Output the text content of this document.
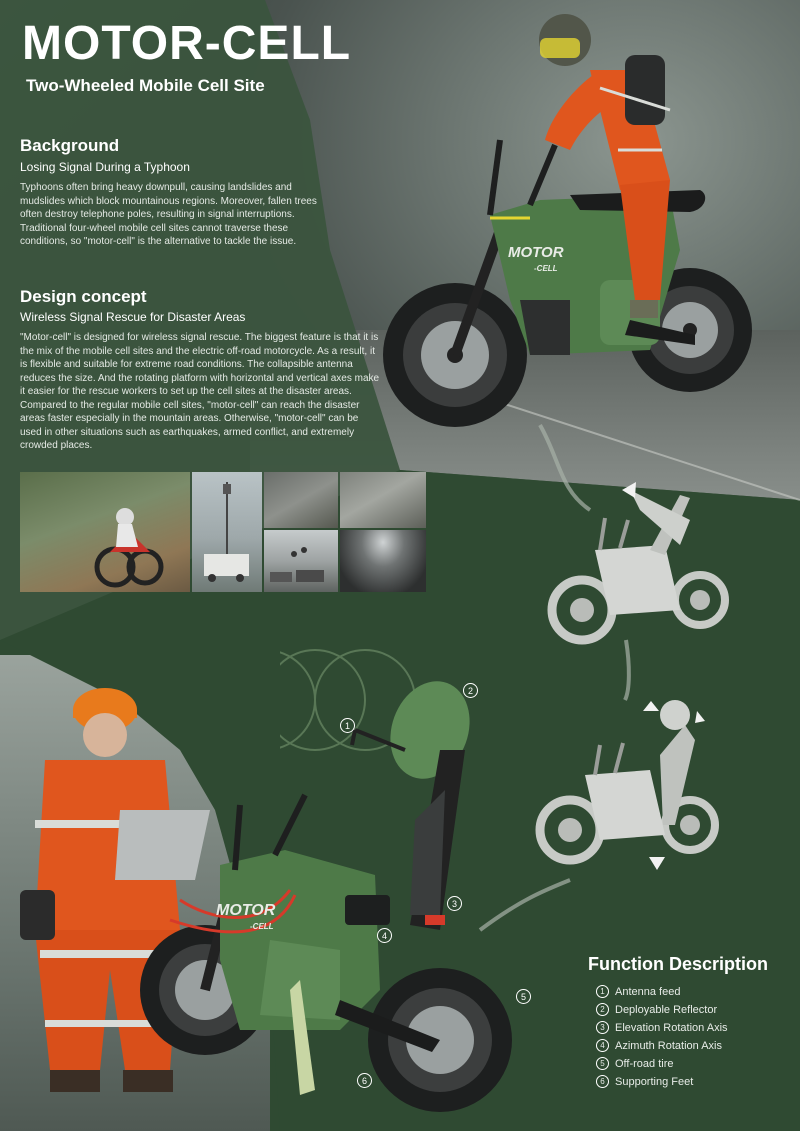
MOTOR
-CELL
MOTOR-CELL
Two-Wheeled Mobile Cell Site
Background
Losing Signal During a Typhoon
Typhoons often bring heavy downpull, causing landslides and mudslides which block mountainous regions. Moreover, fallen trees often destroy telephone poles, resulting in signal interruptions. Traditional four-wheel mobile cell sites cannot traverse these conditions, so "motor-cell" is the alternative to tackle the issue.
Design concept
Wireless Signal Rescue for Disaster Areas
"Motor-cell" is designed for wireless signal rescue. The biggest feature is that it is the mix of the mobile cell sites and the electric off-road motorcycle. As a result, it is flexible and suitable for extreme road conditions. The collapsible antenna reduces the size. And the rotating platform with horizontal and vertical axes make it easier for the rescue workers to set up the cell sites at the disaster areas. Compared to the regular mobile cell sites, "motor-cell" can reach the disaster areas faster especially in the mountain areas. Otherwise, "motor-cell" can be used in other situations such as earthquakes, armed conflict, and extremely crowded places.
MOTOR
-CELL
1
2
3
4
5
6
Function Description
1 Antenna feed
2 Deployable Reflector
3 Elevation Rotation Axis
4 Azimuth Rotation Axis
5 Off-road tire
6 Supporting Feet
